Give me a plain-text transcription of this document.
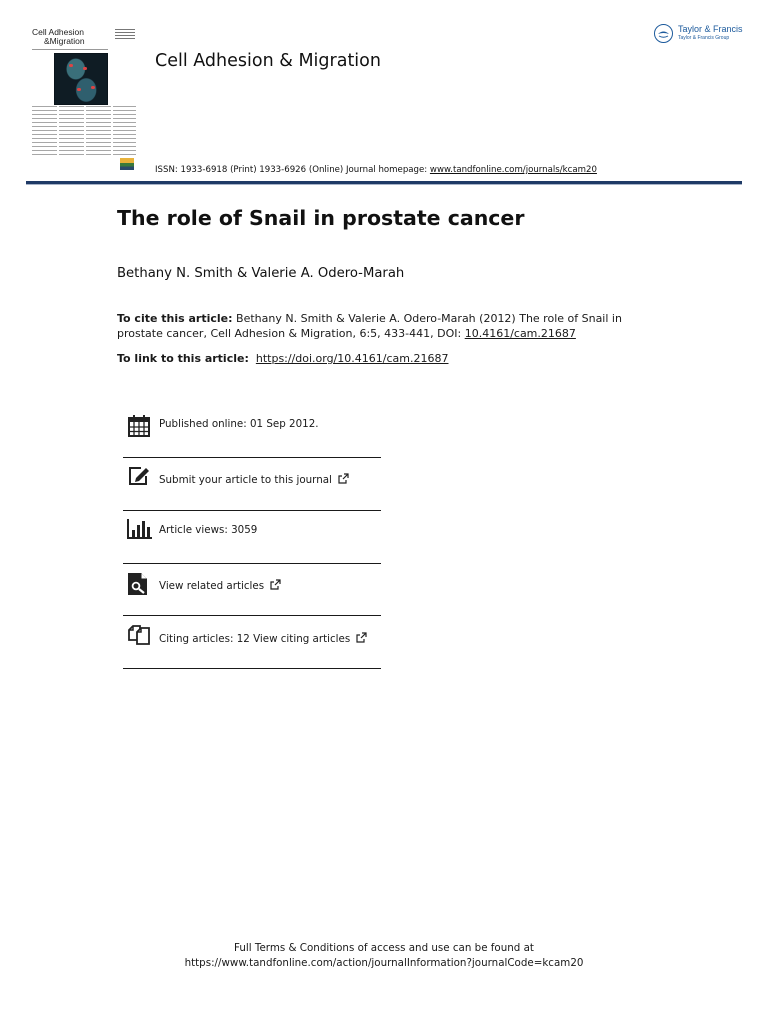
Cell Adhesion
&Migration
Cell Adhesion & Migration
Taylor & Francis
Taylor & Francis Group
ISSN: 1933-6918 (Print) 1933-6926 (Online) Journal homepage: www.tandfonline.com/journals/kcam20
The role of Snail in prostate cancer
Bethany N. Smith & Valerie A. Odero-Marah
To cite this article: Bethany N. Smith & Valerie A. Odero-Marah (2012) The role of Snail in prostate cancer, Cell Adhesion & Migration, 6:5, 433-441, DOI: 10.4161/cam.21687
To link to this article: https://doi.org/10.4161/cam.21687
Published online: 01 Sep 2012.
Submit your article to this journal
Article views: 3059
View related articles
Citing articles: 12 View citing articles
Full Terms & Conditions of access and use can be found at
https://www.tandfonline.com/action/journalInformation?journalCode=kcam20
